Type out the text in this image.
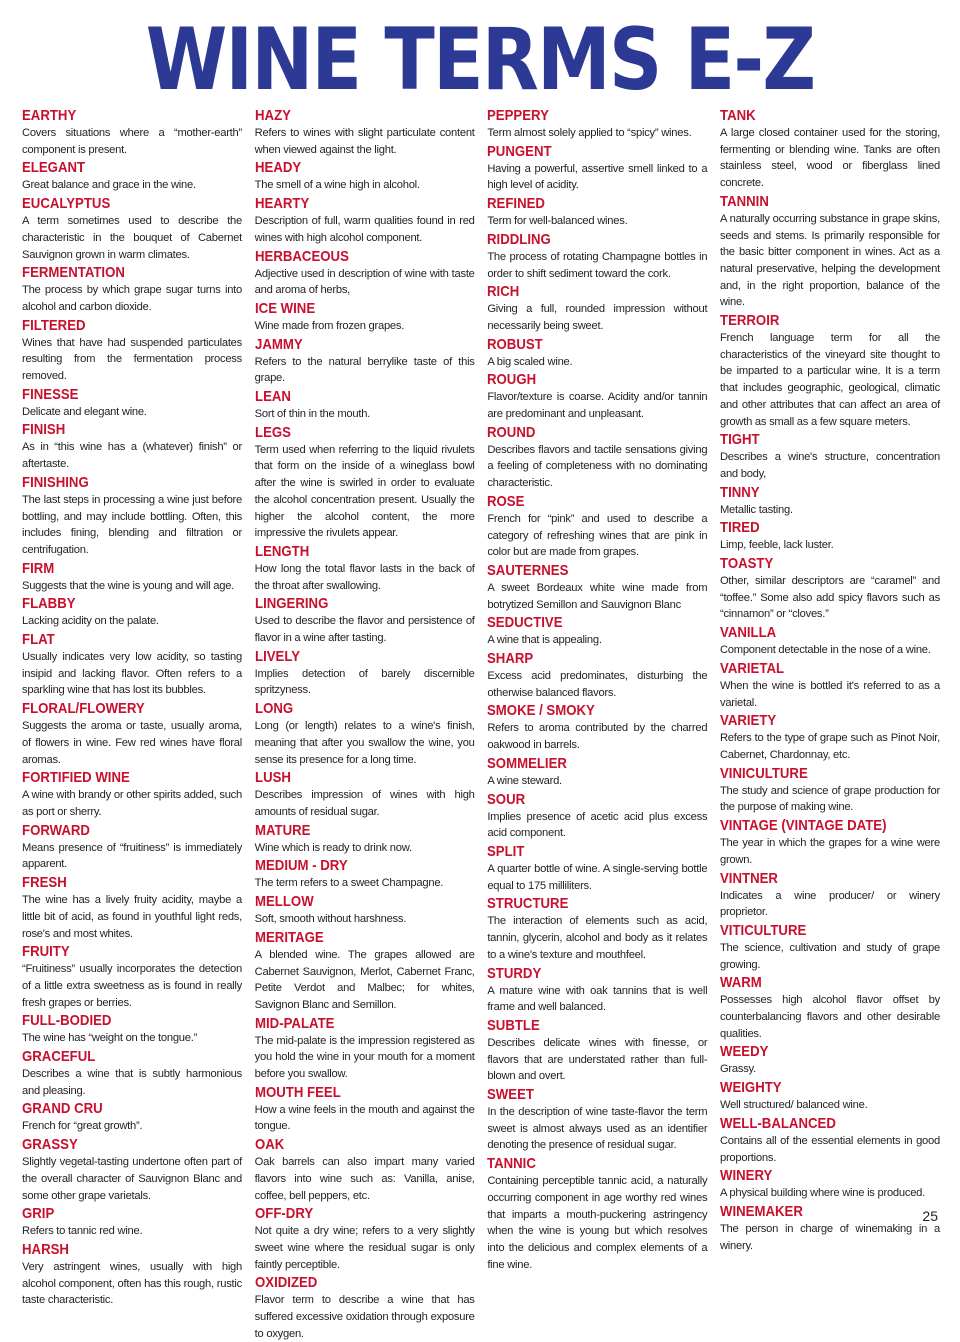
WINE TERMS E-Z
EARTHY
Covers situations where a “mother-earth” component is present.
ELEGANT
Great balance and grace in the wine.
EUCALYPTUS
A term sometimes used to describe the characteristic in the bouquet of Cabernet Sauvignon grown in warm climates.
FERMENTATION
The process by which grape sugar turns into alcohol and carbon dioxide.
FILTERED
Wines that have had suspended particulates resulting from the fermentation process removed.
FINESSE
Delicate and elegant wine.
FINISH
As in “this wine has a (whatever) finish” or aftertaste.
FINISHING
The last steps in processing a wine just before bottling, and may include bottling. Often, this includes fining, blending and filtration or centrifugation.
FIRM
Suggests that the wine is young and will age.
FLABBY
Lacking acidity on the palate.
FLAT
Usually indicates very low acidity, so tasting insipid and lacking flavor. Often refers to a sparkling wine that has lost its bubbles.
FLORAL/FLOWERY
Suggests the aroma or taste, usually aroma, of flowers in wine. Few red wines have floral aromas.
FORTIFIED WINE
A wine with brandy or other spirits added, such as port or sherry.
FORWARD
Means presence of “fruitiness” is immediately apparent.
FRESH
The wine has a lively fruity acidity, maybe a little bit of acid, as found in youthful light reds, rose's and most whites.
FRUITY
“Fruitiness” usually incorporates the detection of a little extra sweetness as is found in really fresh grapes or berries.
FULL-BODIED
The wine has “weight on the tongue.”
GRACEFUL
Describes a wine that is subtly harmonious and pleasing.
GRAND CRU
French for “great growth”.
GRASSY
Slightly vegetal-tasting undertone often part of the overall character of Sauvignon Blanc and some other grape varietals.
GRIP
Refers to tannic red wine.
HARSH
Very astringent wines, usually with high alcohol component, often has this rough, rustic taste characteristic.
HAZY
Refers to wines with slight particulate content when viewed against the light.
HEADY
The smell of a wine high in alcohol.
HEARTY
Description of full, warm qualities found in red wines with high alcohol component.
HERBACEOUS
Adjective used in description of wine with taste and aroma of herbs,
ICE WINE
Wine made from frozen grapes.
JAMMY
Refers to the natural berrylike taste of this grape.
LEAN
Sort of thin in the mouth.
LEGS
Term used when referring to the liquid rivulets that form on the inside of a wineglass bowl after the wine is swirled in order to evaluate the alcohol concentration present. Usually the higher the alcohol content, the more impressive the rivulets appear.
LENGTH
How long the total flavor lasts in the back of the throat after swallowing.
LINGERING
Used to describe the flavor and persistence of flavor in a wine after tasting.
LIVELY
Implies detection of barely discernible spritzyness.
LONG
Long (or length) relates to a wine's finish, meaning that after you swallow the wine, you sense its presence for a long time.
LUSH
Describes impression of wines with high amounts of residual sugar.
MATURE
Wine which is ready to drink now.
MEDIUM - DRY
The term refers to a sweet Champagne.
MELLOW
Soft, smooth without harshness.
MERITAGE
A blended wine. The grapes allowed are Cabernet Sauvignon, Merlot, Cabernet Franc, Petite Verdot and Malbec; for whites, Savignon Blanc and Semillon.
MID-PALATE
The mid-palate is the impression registered as you hold the wine in your mouth for a moment before you swallow.
MOUTH FEEL
How a wine feels in the mouth and against the tongue.
OAK
Oak barrels can also impart many varied flavors into wine such as: Vanilla, anise, coffee, bell peppers, etc.
OFF-DRY
Not quite a dry wine; refers to a very slightly sweet wine where the residual sugar is only faintly perceptible.
OXIDIZED
Flavor term to describe a wine that has suffered excessive oxidation through exposure to oxygen.
PEPPERY
Term almost solely applied to “spicy” wines.
PUNGENT
Having a powerful, assertive smell linked to a high level of acidity.
REFINED
Term for well-balanced wines.
RIDDLING
The process of rotating Champagne bottles in order to shift sediment toward the cork.
RICH
Giving a full, rounded impression without necessarily being sweet.
ROBUST
A big scaled wine.
ROUGH
Flavor/texture is coarse. Acidity and/or tannin are predominant and unpleasant.
ROUND
Describes flavors and tactile sensations giving a feeling of completeness with no dominating characteristic.
ROSE
French for “pink” and used to describe a category of refreshing wines that are pink in color but are made from grapes.
SAUTERNES
A sweet Bordeaux white wine made from botrytized Semillon and Sauvignon Blanc
SEDUCTIVE
A wine that is appealing.
SHARP
Excess acid predominates, disturbing the otherwise balanced flavors.
SMOKE / SMOKY
Refers to aroma contributed by the charred oakwood in barrels.
SOMMELIER
A wine steward.
SOUR
Implies presence of acetic acid plus excess acid component.
SPLIT
A quarter bottle of wine. A single-serving bottle equal to 175 milliliters.
STRUCTURE
The interaction of elements such as acid, tannin, glycerin, alcohol and body as it relates to a wine's texture and mouthfeel.
STURDY
A mature wine with oak tannins that is well frame and well balanced.
SUBTLE
Describes delicate wines with finesse, or flavors that are understated rather than full-blown and overt.
SWEET
In the description of wine taste-flavor the term sweet is almost always used as an identifier denoting the presence of residual sugar.
TANNIC
Containing perceptible tannic acid, a naturally occurring component in age worthy red wines that imparts a mouth-puckering astringency when the wine is young but which resolves into the delicious and complex elements of a fine wine.
TANK
A large closed container used for the storing, fermenting or blending wine. Tanks are often stainless steel, wood or fiberglass lined concrete.
TANNIN
A naturally occurring substance in grape skins, seeds and stems. Is primarily responsible for the basic bitter component in wines. Act as a natural preservative, helping the development and, in the right proportion, balance of the wine.
TERROIR
French language term for all the characteristics of the vineyard site thought to be imparted to a particular wine. It is a term that includes geographic, geological, climatic and other attributes that can affect an area of growth as small as a few square meters.
TIGHT
Describes a wine's structure, concentration and body,
TINNY
Metallic tasting.
TIRED
Limp, feeble, lack luster.
TOASTY
Other, similar descriptors are “caramel” and “toffee.” Some also add spicy flavors such as “cinnamon” or “cloves.”
VANILLA
Component detectable in the nose of a wine.
VARIETAL
When the wine is bottled it's referred to as a varietal.
VARIETY
Refers to the type of grape such as Pinot Noir, Cabernet, Chardonnay, etc.
VINICULTURE
The study and science of grape production for the purpose of making wine.
VINTAGE (VINTAGE DATE)
The year in which the grapes for a wine were grown.
VINTNER
Indicates a wine producer/ or winery proprietor.
VITICULTURE
The science, cultivation and study of grape growing.
WARM
Possesses high alcohol flavor offset by counterbalancing flavors and other desirable qualities.
WEEDY
Grassy.
WEIGHTY
Well structured/ balanced wine.
WELL-BALANCED
Contains all of the essential elements in good proportions.
WINERY
A physical building where wine is produced.
WINEMAKER
The person in charge of winemaking in a winery.
25
